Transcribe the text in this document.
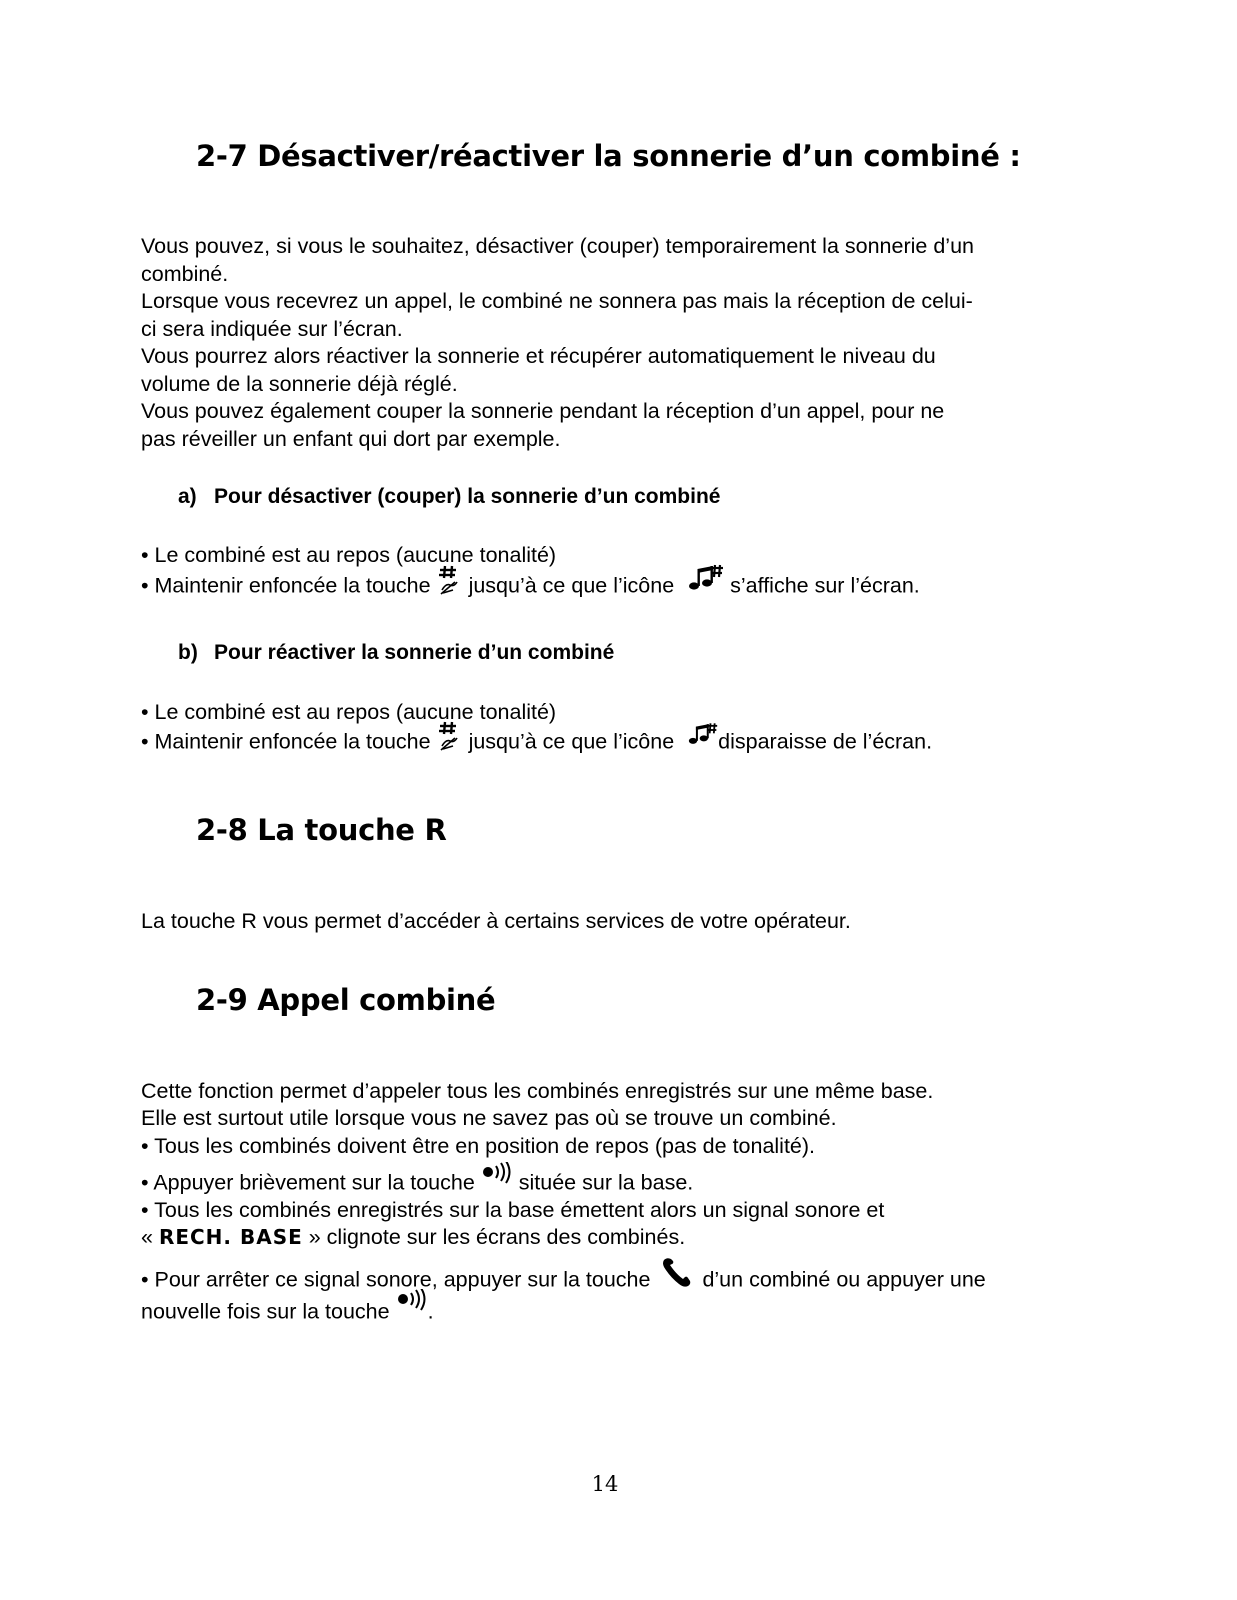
2-7 Désactiver/réactiver la sonnerie d’un combiné :
Vous pouvez, si vous le souhaitez, désactiver (couper) temporairement la sonnerie d’un
combiné.
Lorsque vous recevrez un appel, le combiné ne sonnera pas mais la réception de celui-
ci sera indiquée sur l’écran.
Vous pourrez alors réactiver la sonnerie et récupérer automatiquement le niveau du
volume de la sonnerie déjà réglé.
Vous pouvez également couper la sonnerie pendant la réception d’un appel, pour ne
pas réveiller un enfant qui dort par exemple.
a) Pour désactiver (couper) la sonnerie d’un combiné
• Le combiné est au repos (aucune tonalité)
• Maintenir enfoncée la touche jusqu’à ce que l’icône	s’affiche sur l’écran.
b) Pour réactiver la sonnerie d’un combiné
• Le combiné est au repos (aucune tonalité)
• Maintenir enfoncée la touche jusqu’à ce que l’icône disparaisse de l’écran.
2-8 La touche R
La touche R vous permet d’accéder à certains services de votre opérateur.
2-9 Appel combiné
Cette fonction permet d’appeler tous les combinés enregistrés sur une même base.
Elle est surtout utile lorsque vous ne savez pas où se trouve un combiné.
• Tous les combinés doivent être en position de repos (pas de tonalité).
• Appuyer brièvement sur la touche située sur la base.
• Tous les combinés enregistrés sur la base émettent alors un signal sonore et
« RECH. BASE » clignote sur les écrans des combinés.
• Pour arrêter ce signal sonore, appuyer sur la touche d’un combiné ou appuyer une
nouvelle fois sur la touche .
14
